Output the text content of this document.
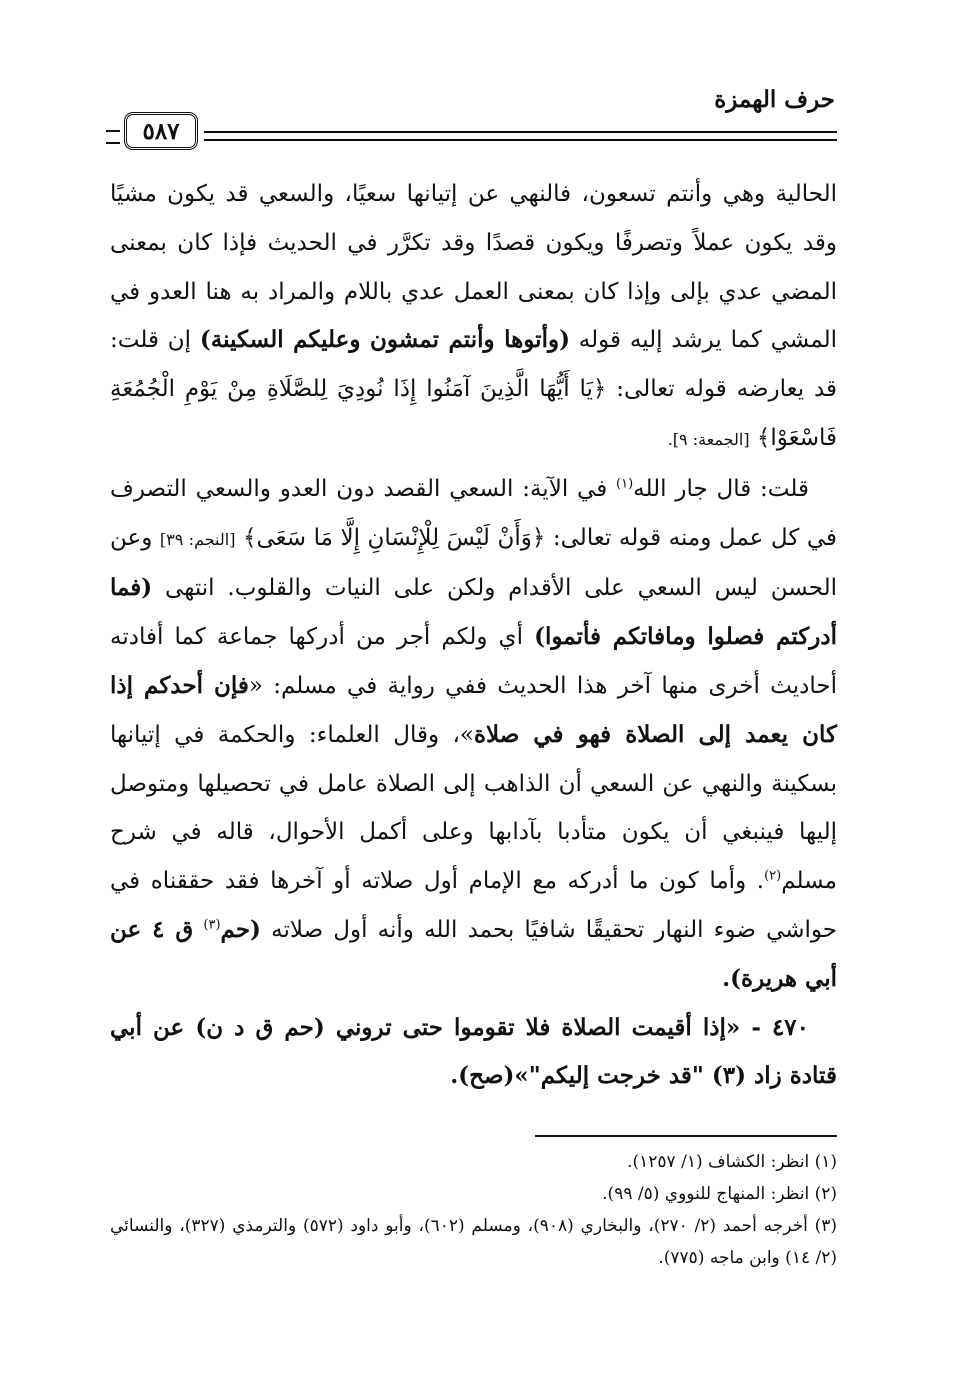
حرف الهمزة
٥٨٧

الحالية وهي وأنتم تسعون، فالنهي عن إتيانها سعيًا، والسعي قد يكون مشيًا وقد يكون عملاً وتصرفًا ويكون قصدًا وقد تكرَّر في الحديث فإذا كان بمعنى المضي عدي بإلى وإذا كان بمعنى العمل عدي باللام والمراد به هنا العدو في المشي كما يرشد إليه قوله (وأتوها وأنتم تمشون وعليكم السكينة) إن قلت: قد يعارضه قوله تعالى: ﴿يَا أَيُّهَا الَّذِينَ آمَنُوا إِذَا نُودِيَ لِلصَّلَاةِ مِنْ يَوْمِ الْجُمُعَةِ فَاسْعَوْا﴾ [الجمعة: ٩].

قلت: قال جار الله$^{(١)}$ في الآية: السعي القصد دون العدو والسعي التصرف في كل عمل ومنه قوله تعالى: ﴿وَأَنْ لَيْسَ لِلْإِنْسَانِ إِلَّا مَا سَعَى﴾ [النجم: ٣٩] وعن الحسن ليس السعي على الأقدام ولكن على النيات والقلوب. انتهى (فما أدركتم فصلوا ومافاتكم فأتموا) أي ولكم أجر من أدركها جماعة كما أفادته أحاديث أخرى منها آخر هذا الحديث ففي رواية في مسلم: «فإن أحدكم إذا كان يعمد إلى الصلاة فهو في صلاة»، وقال العلماء: والحكمة في إتيانها بسكينة والنهي عن السعي أن الذاهب إلى الصلاة عامل في تحصيلها ومتوصل إليها فينبغي أن يكون متأدبا بآدابها وعلى أكمل الأحوال، قاله في شرح مسلم$^{(٢)}$. وأما كون ما أدركه مع الإمام أول صلاته أو آخرها فقد حققناه في حواشي ضوء النهار تحقيقًا شافيًا بحمد الله وأنه أول صلاته (حم$^{(٣)}$ ق ٤ عن أبي هريرة).

٤٧٠ - «إذا أقيمت الصلاة فلا تقوموا حتى تروني (حم ق د ن) عن أبي قتادة زاد (٣) "قد خرجت إليكم"»(صح).

(١) انظر: الكشاف (١/ ١٢٥٧).

(٢) انظر: المنهاج للنووي (٥/ ٩٩).

(٣) أخرجه أحمد (٢/ ٢٧٠)، والبخاري (٩٠٨)، ومسلم (٦٠٢)، وأبو داود (٥٧٢) والترمذي (٣٢٧)، والنسائي (٢/ ١٤) وابن ماجه (٧٧٥).
